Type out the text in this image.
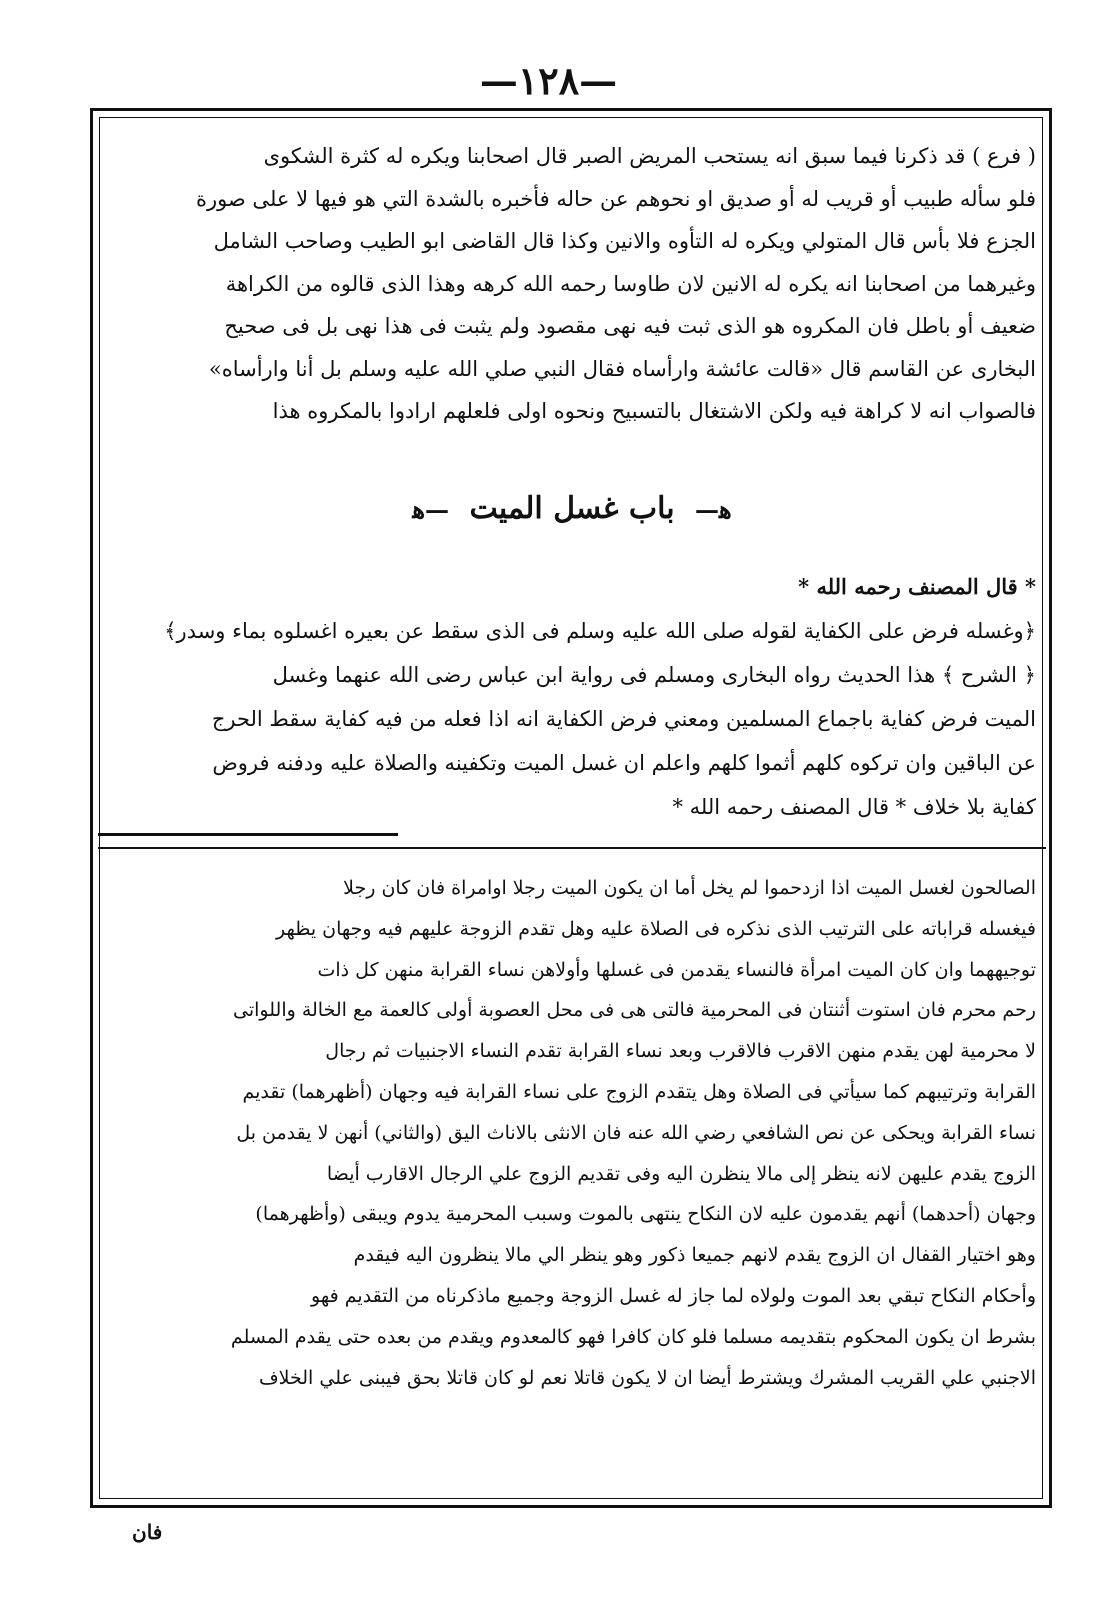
—١٢٨—
( فرع ) قد ذكرنا فيما سبق انه يستحب المريض الصبر قال اصحابنا ويكره له كثرة الشكوى
فلو سأله طبيب أو قريب له أو صديق او نحوهم عن حاله فأخبره بالشدة التي هو فيها لا على صورة
الجزع فلا بأس قال المتولي ويكره له التأوه والانين وكذا قال القاضى ابو الطيب وصاحب الشامل
وغيرهما من اصحابنا انه يكره له الانين لان طاوسا رحمه الله كرهه وهذا الذى قالوه من الكراهة
ضعيف أو باطل فان المكروه هو الذى ثبت فيه نهى مقصود ولم يثبت فى هذا نهى بل فى صحيح
البخارى عن القاسم قال «قالت عائشة وارأساه فقال النبي صلي الله عليه وسلم بل أنا وارأساه»
فالصواب انه لا كراهة فيه ولكن الاشتغال بالتسبيح ونحوه اولى فلعلهم ارادوا بالمكروه هذا
ﻫ— باب غسل الميت —ﻫ
* قال المصنف رحمه الله *
﴿وغسله فرض على الكفاية لقوله صلى الله عليه وسلم فى الذى سقط عن بعيره اغسلوه بماء وسدر﴾
﴿ الشرح ﴾ هذا الحديث رواه البخارى ومسلم فى رواية ابن عباس رضى الله عنهما وغسل
الميت فرض كفاية باجماع المسلمين ومعني فرض الكفاية انه اذا فعله من فيه كفاية سقط الحرج
عن الباقين وان تركوه كلهم أثموا كلهم واعلم ان غسل الميت وتكفينه والصلاة عليه ودفنه فروض
كفاية بلا خلاف * قال المصنف رحمه الله *
الصالحون لغسل الميت اذا ازدحموا لم يخل أما ان يكون الميت رجلا اوامراة فان كان رجلا
فيغسله قراباته على الترتيب الذى نذكره فى الصلاة عليه وهل تقدم الزوجة عليهم فيه وجهان يظهر
توجيههما وان كان الميت امرأة فالنساء يقدمن فى غسلها وأولاهن نساء القرابة منهن كل ذات
رحم محرم فان استوت أثنتان فى المحرمية فالتى هى فى محل العصوبة أولى كالعمة مع الخالة واللواتى
لا محرمية لهن يقدم منهن الاقرب فالاقرب وبعد نساء القرابة تقدم النساء الاجنبيات ثم رجال
القرابة وترتيبهم كما سيأتي فى الصلاة وهل يتقدم الزوج على نساء القرابة فيه وجهان (أظهرهما) تقديم
نساء القرابة ويحكى عن نص الشافعي رضي الله عنه فان الانثى بالاناث اليق (والثاني) أنهن لا يقدمن بل
الزوج يقدم عليهن لانه ينظر إلى مالا ينظرن اليه وفى تقديم الزوج علي الرجال الاقارب أيضا
وجهان (أحدهما) أنهم يقدمون عليه لان النكاح ينتهى بالموت وسبب المحرمية يدوم ويبقى (وأظهرهما)
وهو اختيار القفال ان الزوج يقدم لانهم جميعا ذكور وهو ينظر الي مالا ينظرون اليه فيقدم
وأحكام النكاح تبقي بعد الموت ولولاه لما جاز له غسل الزوجة وجميع ماذكرناه من التقديم فهو
بشرط ان يكون المحكوم بتقديمه مسلما فلو كان كافرا فهو كالمعدوم ويقدم من بعده حتى يقدم المسلم
الاجنبي علي القريب المشرك ويشترط أيضا ان لا يكون قاتلا نعم لو كان قاتلا بحق فيبنى علي الخلاف
فان
